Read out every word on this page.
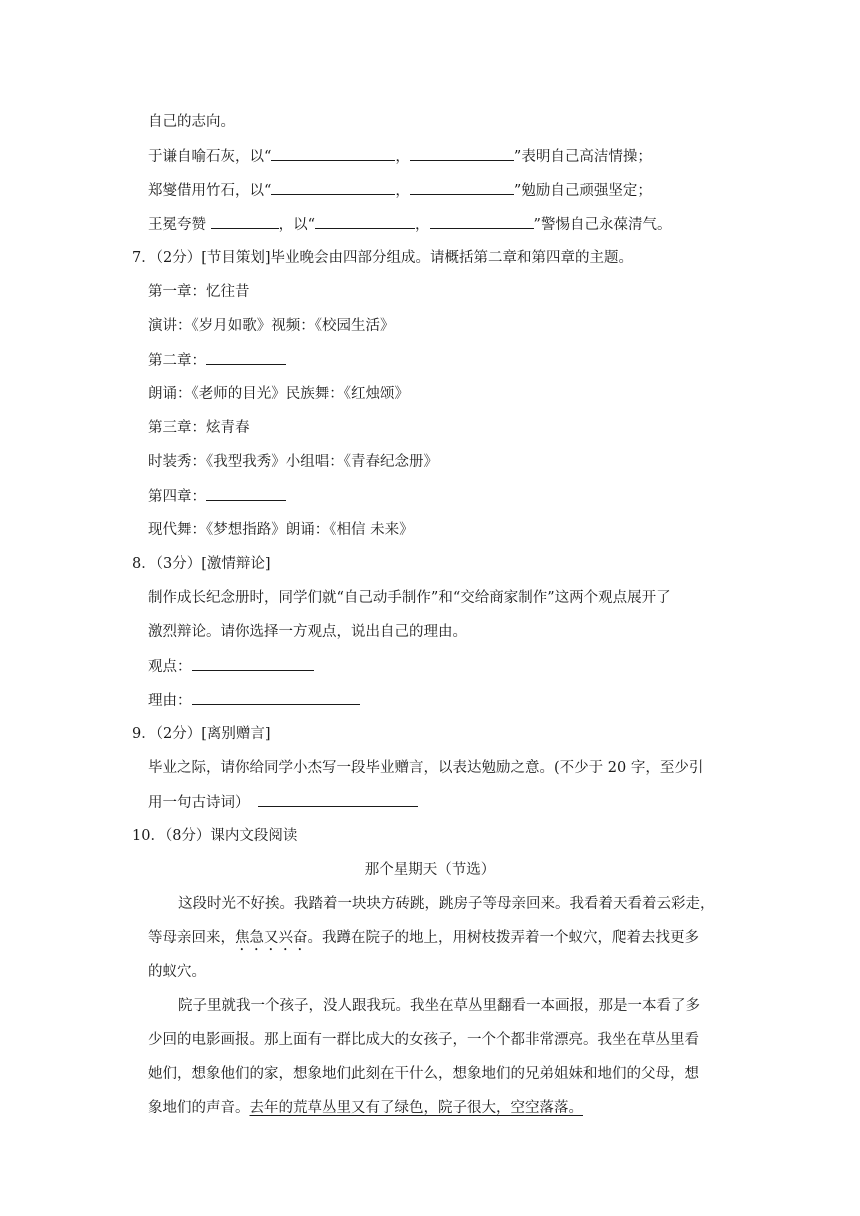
自己的志向。
于谦自喻石灰，以“	，	”表明自己高洁情操；
郑燮借用竹石，以“	，	”勉励自己顽强坚定；
王冕夸赞	，以“	，	”警惕自己永葆清气。
7．（2分）[节目策划]毕业晚会由四部分组成。请概括第二章和第四章的主题。
第一章：忆往昔
演讲：《岁月如歌》视频：《校园生活》
第二章：
朗诵：《老师的目光》民族舞：《红烛颂》
第三章：炫青春
时装秀：《我型我秀》小组唱：《青春纪念册》
第四章：
现代舞：《梦想指路》朗诵：《相信 未来》
8．（3分）[激情辩论]
制作成长纪念册时，同学们就“自己动手制作”和“交给商家制作”这两个观点展开了
激烈辩论。请你选择一方观点，说出自己的理由。
观点：
理由：
9．（2分）[离别赠言]
毕业之际，请你给同学小杰写一段毕业赠言，以表达勉励之意。(不少于 20 字，至少引
用一句古诗词）
10．（8分）课内文段阅读
那个星期天（节选）
这段时光不好挨。我踏着一块块方砖跳，跳房子等母亲回来。我看着天看着云彩走，
等母亲回来，焦急又兴奋。我蹲在院子的地上，用树枝拨弄着一个蚁穴，爬着去找更多
的蚁穴。
院子里就我一个孩子，没人跟我玩。我坐在草丛里翻看一本画报，那是一本看了多
少回的电影画报。那上面有一群比成大的女孩子，一个个都非常漂亮。我坐在草丛里看
她们，想象他们的家，想象地们此刻在干什么，想象地们的兄弟姐妹和地们的父母，想
象地们的声音。去年的荒草丛里又有了绿色，院子很大，空空落落。
